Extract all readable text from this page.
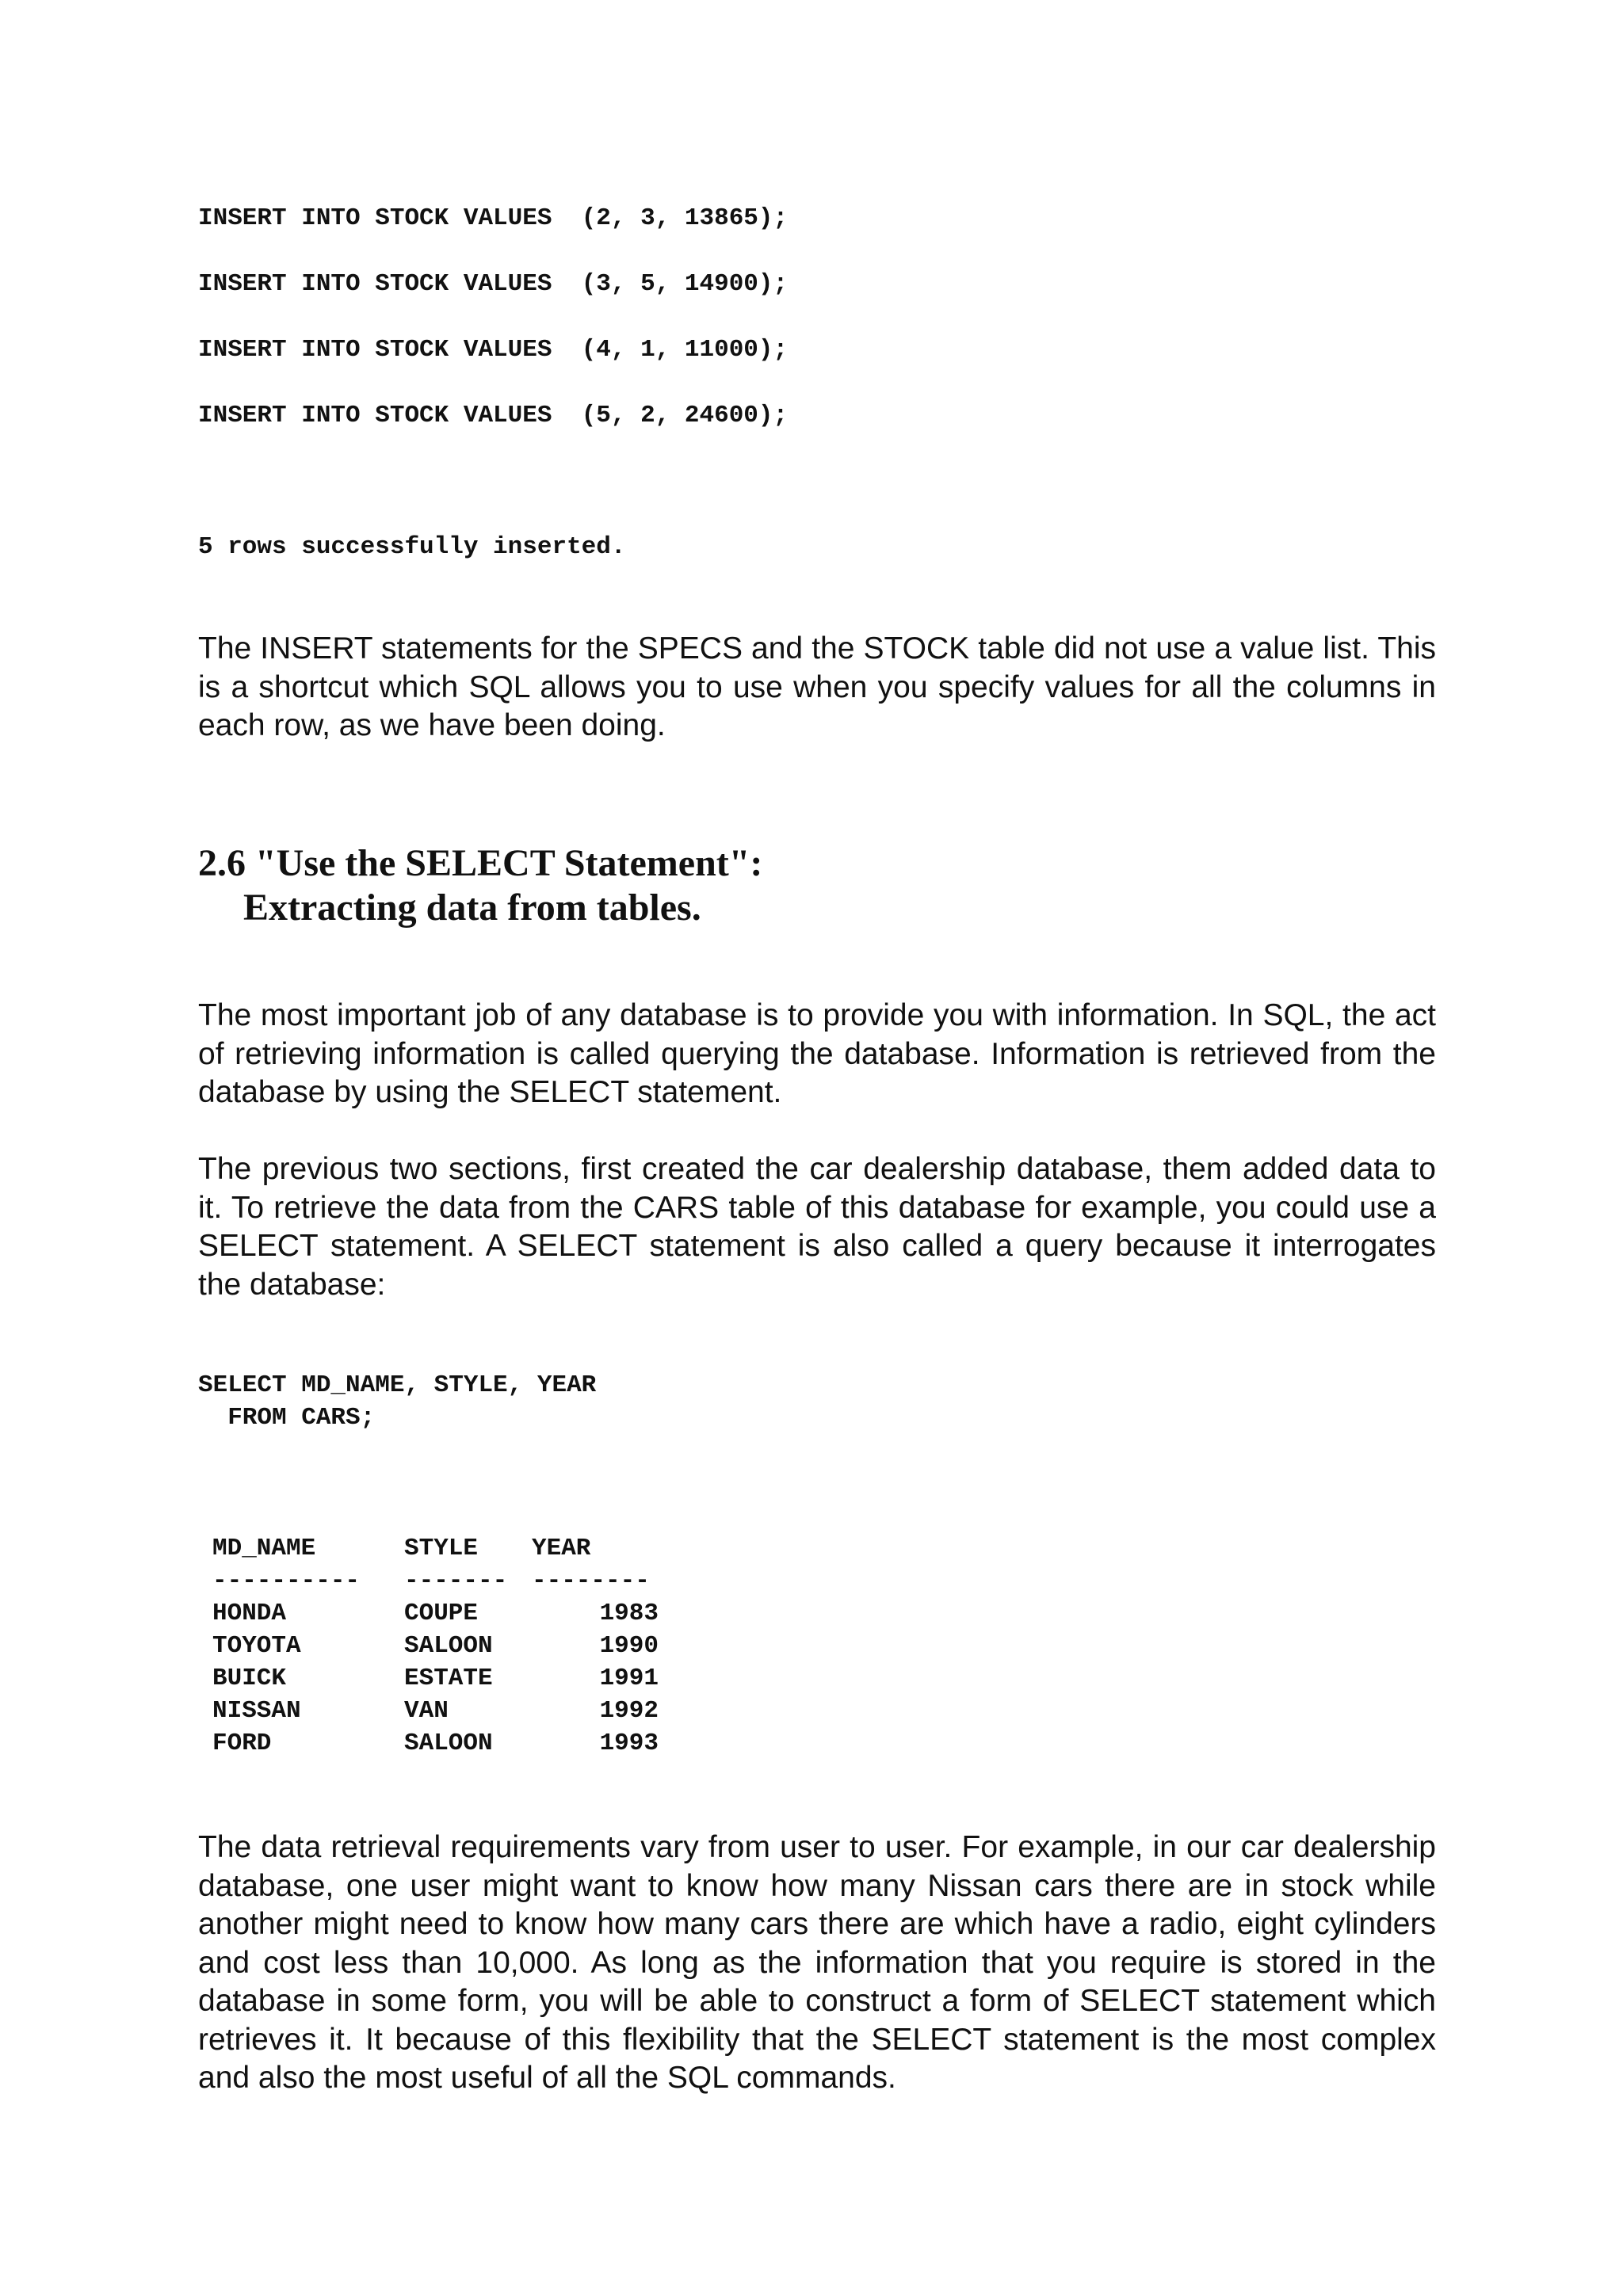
INSERT INTO STOCK VALUES  (2, 3, 13865);

INSERT INTO STOCK VALUES  (3, 5, 14900);

INSERT INTO STOCK VALUES  (4, 1, 11000);

INSERT INTO STOCK VALUES  (5, 2, 24600);

5 rows successfully inserted.

The INSERT statements for the SPECS and the STOCK table did not use a value list. This is a shortcut which SQL allows you to use when you specify values for all the columns in each row, as we have been doing.

2.6 "Use the SELECT Statement":
Extracting data from tables.

The most important job of any database is to provide you with information. In SQL, the act of retrieving information is called querying the database. Information is retrieved from the database by using the SELECT statement.

The previous two sections, first created the car dealership database, them added data to it. To retrieve the data from the CARS table of this database for example, you could use a SELECT statement. A SELECT statement is also called a query because it interrogates the database:

SELECT MD_NAME, STYLE, YEAR

FROM CARS;

MD_NAME	STYLE	YEAR
----------	-------	--------
HONDA	COUPE	1983
TOYOTA	SALOON	1990
BUICK	ESTATE	1991
NISSAN	VAN	1992
FORD	SALOON	1993

The data retrieval requirements vary from user to user. For example, in our car dealership database, one user might want to know how many Nissan cars there are in stock while another might need to know how many cars there are which have a radio, eight cylinders and cost less than 10,000. As long as the information that you require is stored in the database in some form, you will be able to construct a form of SELECT statement which retrieves it. It because of this flexibility that the SELECT statement is the most complex and also the most useful of all the SQL commands.
